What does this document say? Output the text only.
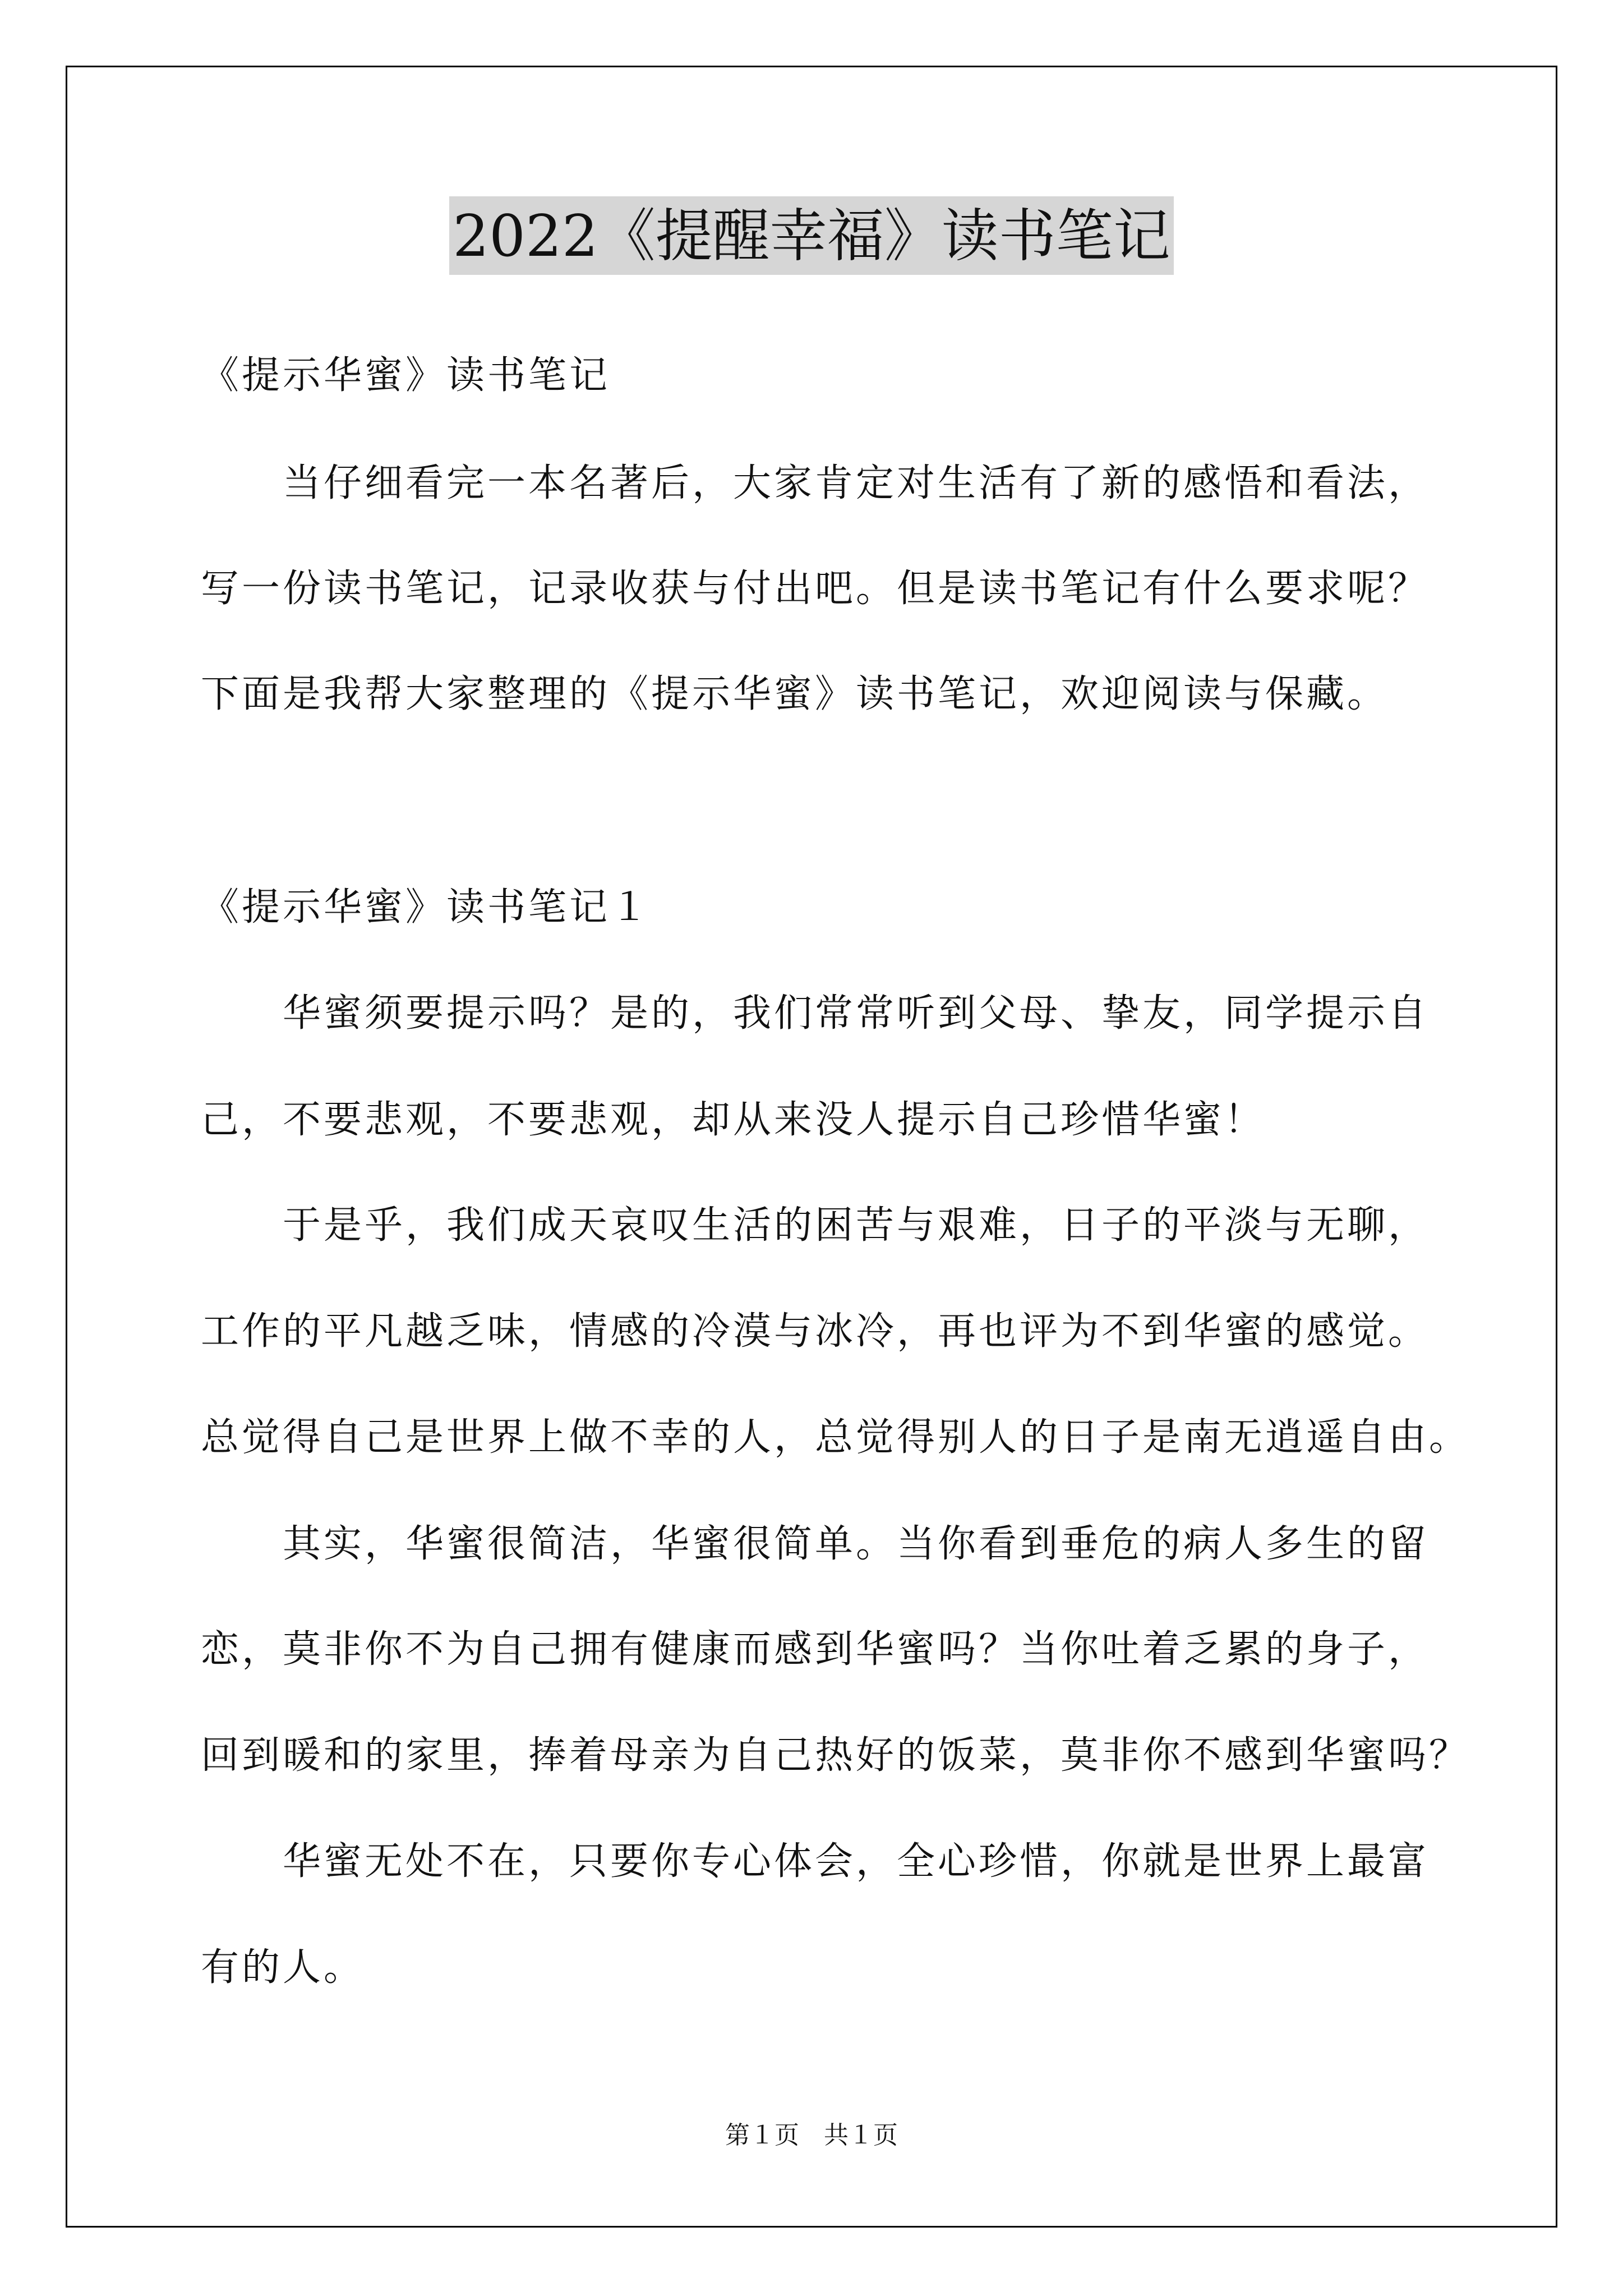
2022《提醒幸福》读书笔记
《提示华蜜》读书笔记
当仔细看完一本名著后，大家肯定对生活有了新的感悟和看法，
写一份读书笔记，记录收获与付出吧。但是读书笔记有什么要求呢？
下面是我帮大家整理的《提示华蜜》读书笔记，欢迎阅读与保藏。
《提示华蜜》读书笔记１
华蜜须要提示吗？是的，我们常常听到父母、挚友，同学提示自
己，不要悲观，不要悲观，却从来没人提示自己珍惜华蜜！
于是乎，我们成天哀叹生活的困苦与艰难，日子的平淡与无聊，
工作的平凡越乏味，情感的冷漠与冰冷，再也评为不到华蜜的感觉。
总觉得自己是世界上做不幸的人，总觉得别人的日子是南无逍遥自由。
其实，华蜜很简洁，华蜜很简单。当你看到垂危的病人多生的留
恋，莫非你不为自己拥有健康而感到华蜜吗？当你吐着乏累的身子，
回到暖和的家里，捧着母亲为自己热好的饭菜，莫非你不感到华蜜吗？
华蜜无处不在，只要你专心体会，全心珍惜，你就是世界上最富
有的人。
第１页　共１页
